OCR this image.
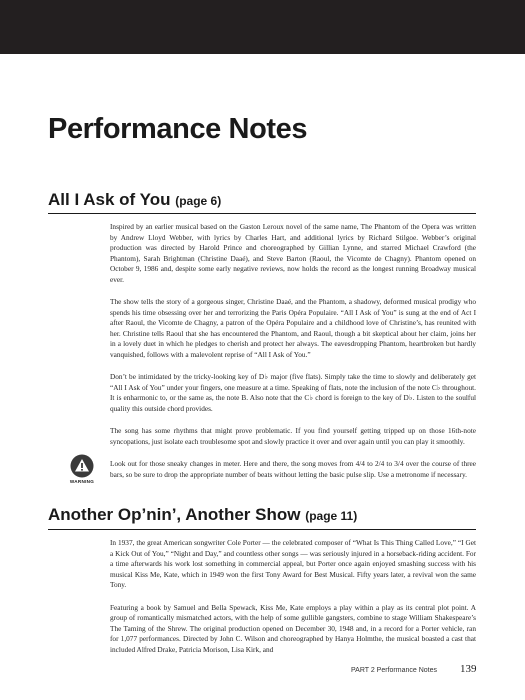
Performance Notes
All I Ask of You (page 6)

Inspired by an earlier musical based on the Gaston Leroux novel of the same name, The Phantom of the Opera was written by Andrew Lloyd Webber, with lyrics by Charles Hart, and additional lyrics by Richard Stilgoe. Webber’s original production was directed by Harold Prince and choreographed by Gillian Lynne, and starred Michael Crawford (the Phantom), Sarah Brightman (Christine Daaé), and Steve Barton (Raoul, the Vicomte de Chagny). Phantom opened on October 9, 1986 and, despite some early negative reviews, now holds the record as the longest running Broadway musical ever.

The show tells the story of a gorgeous singer, Christine Daaé, and the Phantom, a shadowy, deformed musical prodigy who spends his time obsessing over her and terrorizing the Paris Opéra Populaire. “All I Ask of You” is sung at the end of Act I after Raoul, the Vicomte de Chagny, a patron of the Opéra Populaire and a childhood love of Christine’s, has reunited with her. Christine tells Raoul that she has encountered the Phantom, and Raoul, though a bit skeptical about her claim, joins her in a lovely duet in which he pledges to cherish and protect her always. The eavesdropping Phantom, heartbroken but hardly vanquished, follows with a malevolent reprise of “All I Ask of You.”

Don’t be intimidated by the tricky-looking key of D♭ major (five flats). Simply take the time to slowly and deliberately get “All I Ask of You” under your fingers, one measure at a time. Speaking of flats, note the inclusion of the note C♭ throughout. It is enharmonic to, or the same as, the note B. Also note that the C♭ chord is foreign to the key of D♭. Listen to the soulful quality this outside chord provides.

The song has some rhythms that might prove problematic. If you find yourself getting tripped up on those 16th-note syncopations, just isolate each troublesome spot and slowly practice it over and over again until you can play it smoothly.

Look out for those sneaky changes in meter. Here and there, the song moves from 4/4 to 2/4 to 3/4 over the course of three bars, so be sure to drop the appropriate number of beats without letting the basic pulse slip. Use a metronome if necessary.

WARNING
Another Op’nin’, Another Show (page 11)

In 1937, the great American songwriter Cole Porter — the celebrated composer of “What Is This Thing Called Love,” “I Get a Kick Out of You,” “Night and Day,” and countless other songs — was seriously injured in a horseback-riding accident. For a time afterwards his work lost something in commercial appeal, but Porter once again enjoyed smashing success with his musical Kiss Me, Kate, which in 1949 won the first Tony Award for Best Musical. Fifty years later, a revival won the same Tony.

Featuring a book by Samuel and Bella Spewack, Kiss Me, Kate employs a play within a play as its central plot point. A group of romantically mismatched actors, with the help of some gullible gangsters, combine to stage William Shakespeare’s The Taming of the Shrew. The original production opened on December 30, 1948 and, in a record for a Porter vehicle, ran for 1,077 performances. Directed by John C. Wilson and choreographed by Hanya Holmthe, the musical boasted a cast that included Alfred Drake, Patricia Morison, Lisa Kirk, and

PART 2 Performance Notes 139
